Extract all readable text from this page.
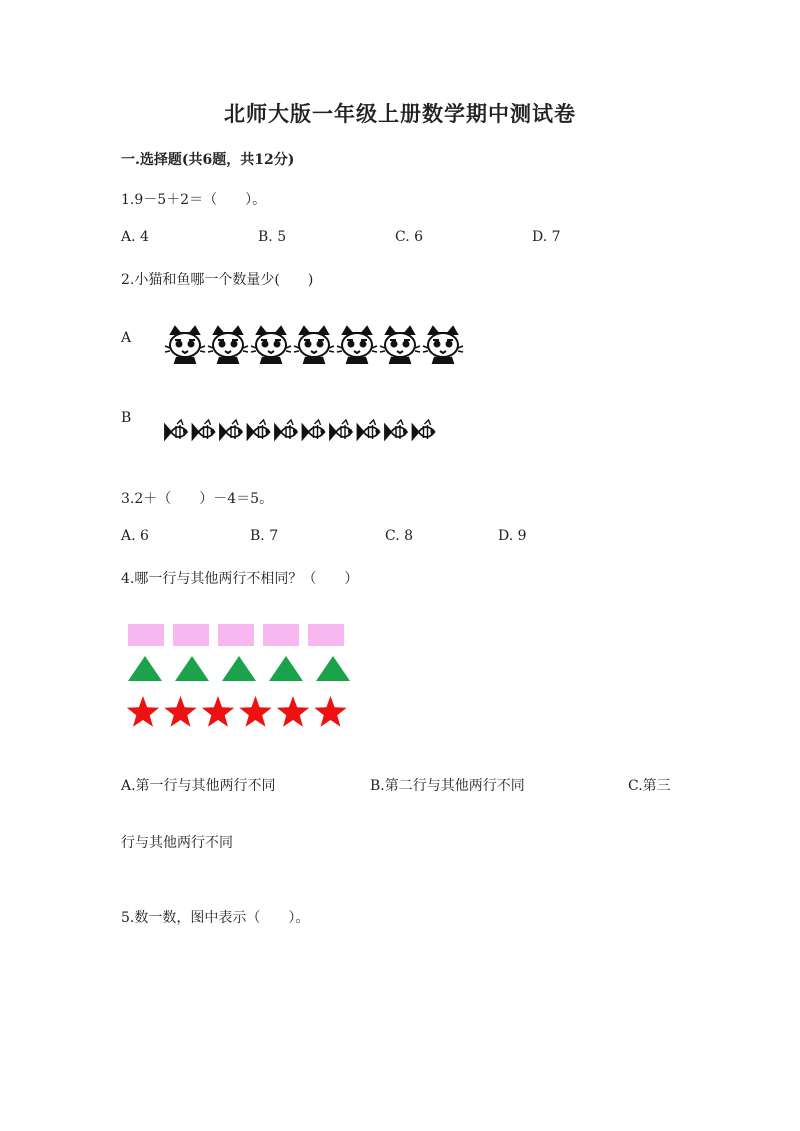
北师大版一年级上册数学期中测试卷
一.选择题(共6题，共12分)
1.9－5＋2＝（　　）。
A. 4	B. 5	C. 6	D. 7
2.小猫和鱼哪一个数量少(　　)
A
B
3.2＋（　　）－4＝5。
A. 6	B. 7	C. 8	D. 9
4.哪一行与其他两行不相同？（　　）
A.第一行与其他两行不同	B.第二行与其他两行不同	C.第三
行与其他两行不同
5.数一数，图中表示（　　）。
